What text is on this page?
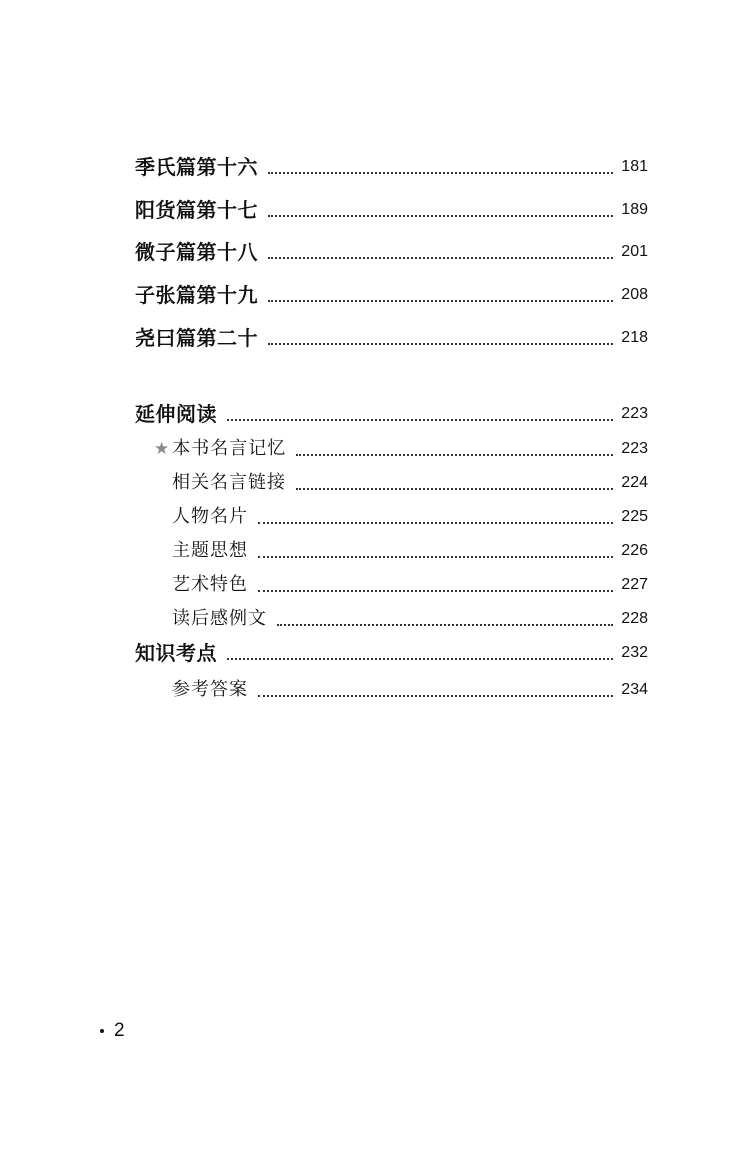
季氏篇第十六	181
阳货篇第十七	189
微子篇第十八	201
子张篇第十九	208
尧曰篇第二十	218
延伸阅读	223
★ 本书名言记忆	223
相关名言链接	224
人物名片	225
主题思想	226
艺术特色	227
读后感例文	228
知识考点	232
参考答案	234
2
